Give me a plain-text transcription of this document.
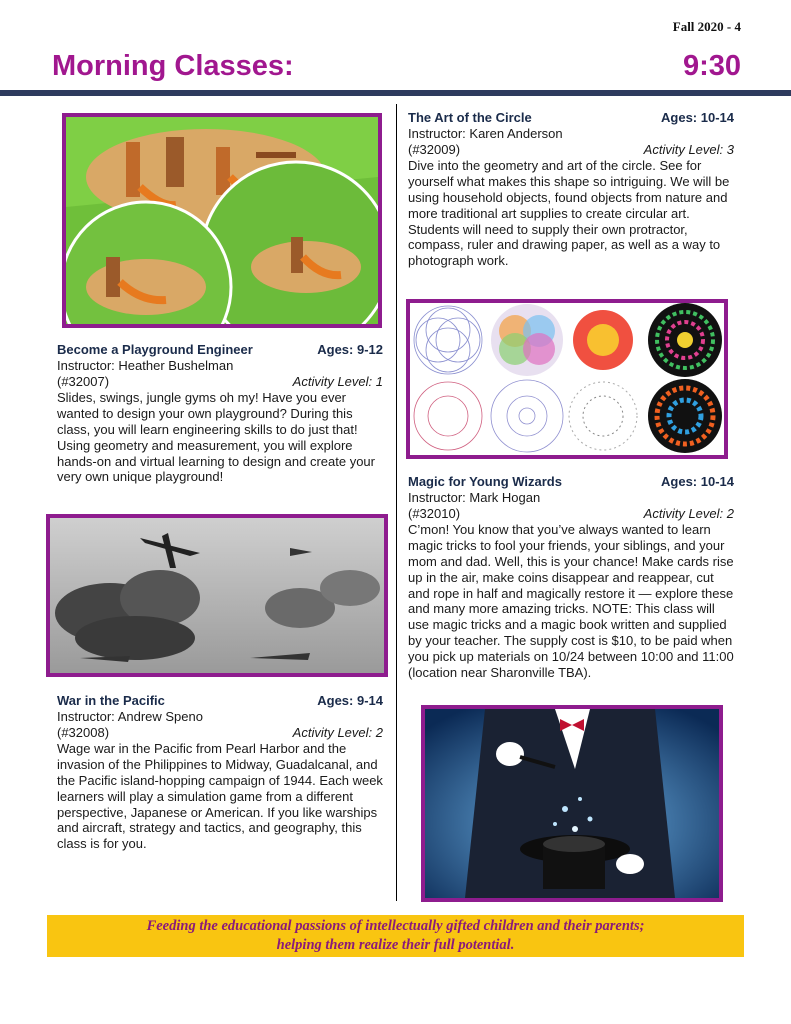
Fall 2020 - 4
Morning Classes:	9:30
Become a Playground Engineer	Ages: 9-12
Instructor: Heather Bushelman
(#32007)	Activity Level: 1
Slides, swings, jungle gyms oh my! Have you ever wanted to design your own playground? During this class, you will learn engineering skills to do just that! Using geometry and measurement, you will explore hands-on and virtual learning to design and create your very own unique playground!
War in the Pacific	Ages: 9-14
Instructor: Andrew Speno
(#32008)	Activity Level: 2
Wage war in the Pacific from Pearl Harbor and the invasion of the Philippines to Midway, Guadalcanal, and the Pacific island-hopping campaign of 1944. Each week learners will play a simulation game from a different perspective, Japanese or American. If you like warships and aircraft, strategy and tactics, and geography, this class is for you.
The Art of the Circle	Ages: 10-14
Instructor: Karen Anderson
(#32009)	Activity Level: 3
Dive into the geometry and art of the circle. See for yourself what makes this shape so intriguing. We will be using household objects, found objects from nature and more traditional art supplies to create circular art. Students will need to supply their own protractor, compass, ruler and drawing paper, as well as a way to photograph work.
Magic for Young Wizards	Ages: 10-14
Instructor: Mark Hogan
(#32010)	Activity Level: 2
C’mon! You know that you’ve always wanted to learn magic tricks to fool your friends, your siblings, and your mom and dad. Well, this is your chance! Make cards rise up in the air, make coins disappear and reappear, cut and rope in half and magically restore it — explore these and many more amazing tricks. NOTE: This class will use magic tricks and a magic book written and supplied by your teacher. The supply cost is $10, to be paid when you pick up materials on 10/24 between 10:00 and 11:00 (location near Sharonville TBA).
Feeding the educational passions of intellectually gifted children and their parents;
helping them realize their full potential.
